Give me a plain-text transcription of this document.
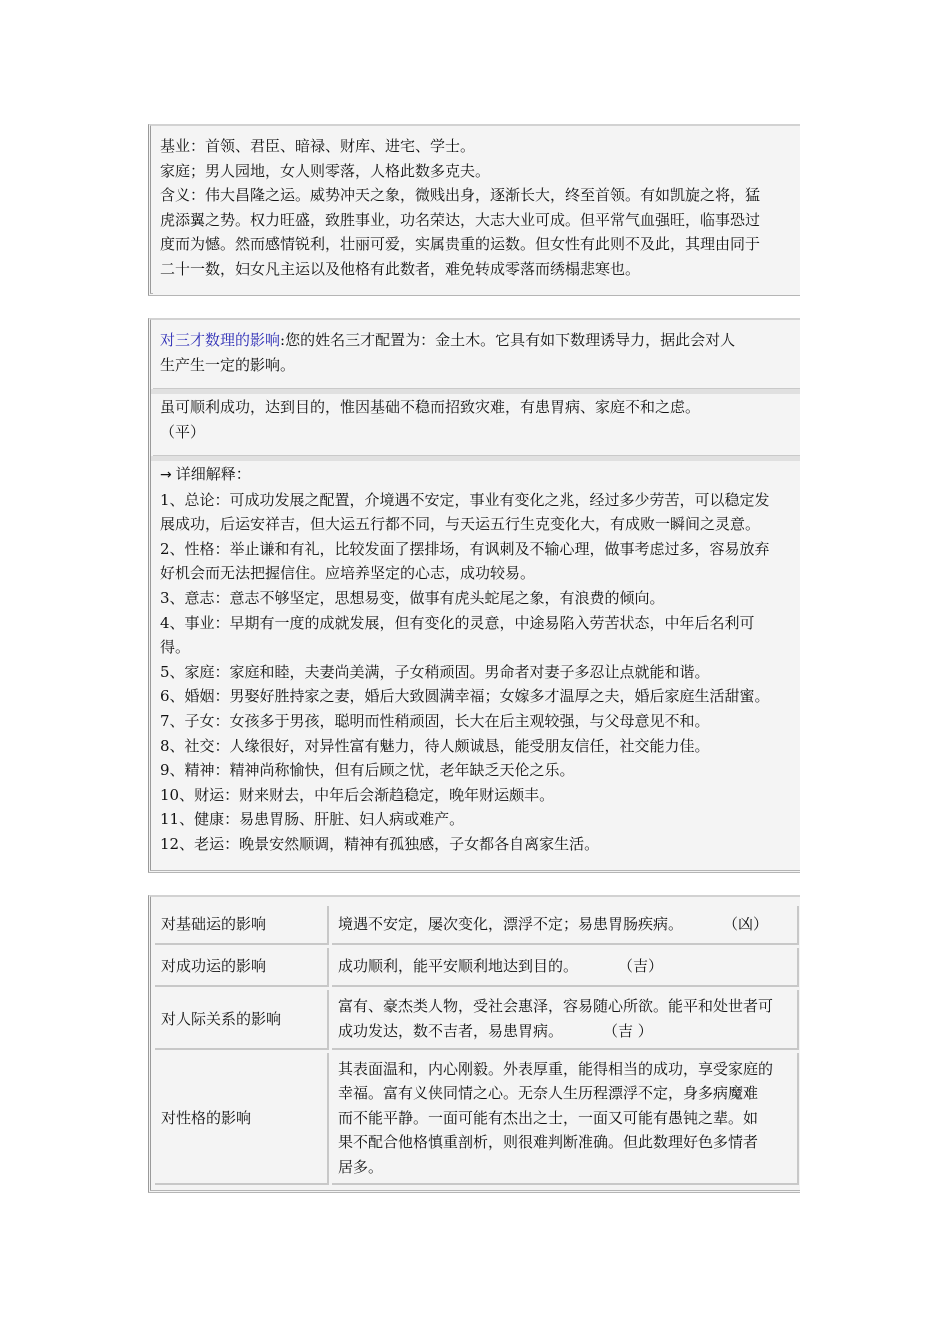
基业：首领、君臣、暗禄、财库、进宅、学士。
家庭；男人园地，女人则零落，人格此数多克夫。
含义：伟大昌隆之运。威势冲天之象，微贱出身，逐渐长大，终至首领。有如凯旋之将，猛
虎添翼之势。权力旺盛，致胜事业，功名荣达，大志大业可成。但平常气血强旺，临事恐过
度而为憾。然而感情锐利，壮丽可爱，实属贵重的运数。但女性有此则不及此，其理由同于
二十一数，妇女凡主运以及他格有此数者，难免转成零落而绣榻悲寒也。
对三才数理的影响:您的姓名三才配置为：金土木。它具有如下数理诱导力，据此会对人
生产生一定的影响。
虽可顺利成功，达到目的，惟因基础不稳而招致灾难，有患胃病、家庭不和之虑。
（平）
→ 详细解释：
1、总论：可成功发展之配置，介境遇不安定，事业有变化之兆，经过多少劳苦，可以稳定发
展成功，后运安祥吉，但大运五行都不同，与天运五行生克变化大，有成败一瞬间之灵意。
2、性格：举止谦和有礼，比较发面了摆排场，有讽刺及不输心理，做事考虑过多，容易放弃
好机会而无法把握信住。应培养坚定的心志，成功较易。
3、意志：意志不够坚定，思想易变，做事有虎头蛇尾之象，有浪费的倾向。
4、事业：早期有一度的成就发展，但有变化的灵意，中途易陷入劳苦状态，中年后名利可
得。
5、家庭：家庭和睦，夫妻尚美满，子女稍顽固。男命者对妻子多忍让点就能和谐。
6、婚姻：男娶好胜持家之妻，婚后大致圆满幸福；女嫁多才温厚之夫，婚后家庭生活甜蜜。
7、子女：女孩多于男孩，聪明而性稍顽固，长大在后主观较强，与父母意见不和。
8、社交：人缘很好，对异性富有魅力，待人颇诚恳，能受朋友信任，社交能力佳。
9、精神：精神尚称愉快，但有后顾之忧，老年缺乏天伦之乐。
10、财运：财来财去，中年后会渐趋稳定，晚年财运颇丰。
11、健康：易患胃肠、肝脏、妇人病或难产。
12、老运：晚景安然顺调，精神有孤独感，子女都各自离家生活。
对基础运的影响	境遇不安定，屡次变化，漂浮不定；易患胃肠疾病。 （凶）
对成功运的影响	成功顺利，能平安顺利地达到目的。 （吉）
对人际关系的影响	富有、豪杰类人物，受社会惠泽，容易随心所欲。能平和处世者可
成功发达，数不吉者，易患胃病。 （吉 ）

对性格的影响	其表面温和，内心刚毅。外表厚重，能得相当的成功，享受家庭的
幸福。富有义侠同情之心。无奈人生历程漂浮不定，身多病魔难
而不能平静。一面可能有杰出之士，一面又可能有愚钝之辈。如
果不配合他格慎重剖析，则很难判断准确。但此数理好色多情者
居多。
